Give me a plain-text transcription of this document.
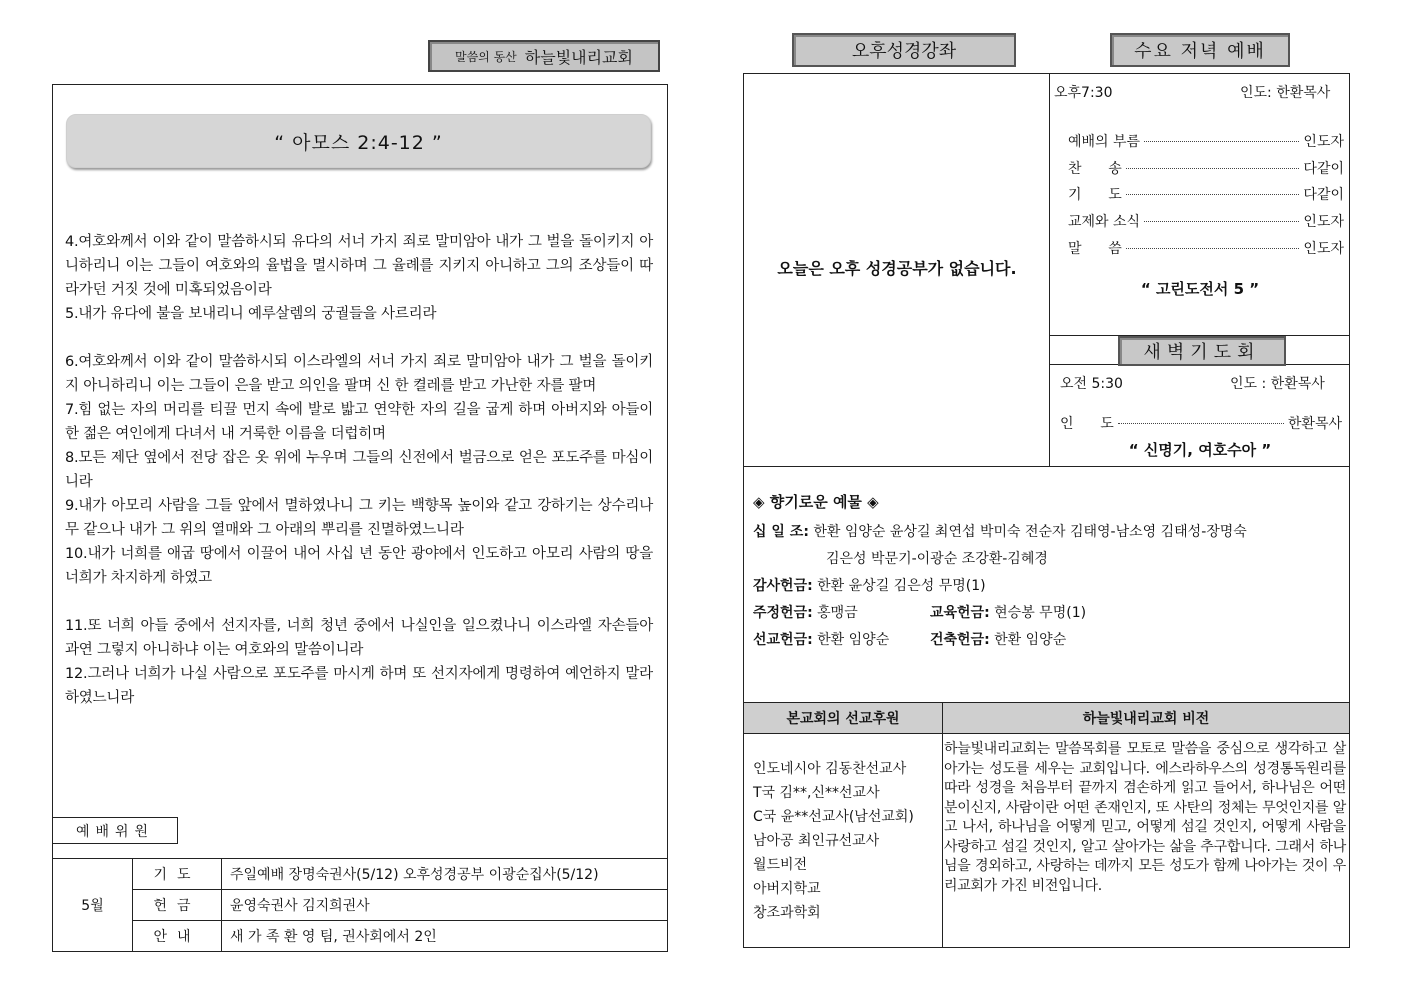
말씀의 동산 하늘빛내리교회
“ 아모스 2:4-12 ”

4.여호와께서 이와 같이 말씀하시되 유다의 서너 가지 죄로 말미암아 내가 그 벌을 돌이키지 아니하리니 이는 그들이 여호와의 율법을 멸시하며 그 율례를 지키지 아니하고 그의 조상들이 따라가던 거짓 것에 미혹되었음이라

5.내가 유다에 불을 보내리니 예루살렘의 궁궐들을 사르리라

6.여호와께서 이와 같이 말씀하시되 이스라엘의 서너 가지 죄로 말미암아 내가 그 벌을 돌이키지 아니하리니 이는 그들이 은을 받고 의인을 팔며 신 한 켤레를 받고 가난한 자를 팔며

7.힘 없는 자의 머리를 티끌 먼지 속에 발로 밟고 연약한 자의 길을 굽게 하며 아버지와 아들이 한 젊은 여인에게 다녀서 내 거룩한 이름을 더럽히며

8.모든 제단 옆에서 전당 잡은 옷 위에 누우며 그들의 신전에서 벌금으로 얻은 포도주를 마심이니라

9.내가 아모리 사람을 그들 앞에서 멸하였나니 그 키는 백향목 높이와 같고 강하기는 상수리나무 같으나 내가 그 위의 열매와 그 아래의 뿌리를 진멸하였느니라

10.내가 너희를 애굽 땅에서 이끌어 내어 사십 년 동안 광야에서 인도하고 아모리 사람의 땅을 너희가 차지하게 하였고

11.또 너희 아들 중에서 선지자를, 너희 청년 중에서 나실인을 일으켰나니 이스라엘 자손들아 과연 그렇지 아니하냐 이는 여호와의 말씀이니라

12.그러나 너희가 나실 사람으로 포도주를 마시게 하며 또 선지자에게 명령하여 예언하지 말라 하였느니라

예배위원
5월	기도	주일예배 장명숙권사(5/12) 오후성경공부 이광순집사(5/12)
	헌금	윤영숙권사 김지희권사
	안내	새 가 족 환 영 팀, 권사회에서 2인
오후성경강좌	수요 저녁 예배
오늘은 오후 성경공부가 없습니다.
오후7:30	인도: 한환목사
예배의 부름	인도자
찬      송	다같이
기      도	다같이
교제와 소식	인도자
말      씀	인도자
“ 고린도전서 5 ”
새벽기도회
오전 5:30	인도 : 한환목사
인      도	한환목사
“ 신명기, 여호수아 ”
◈ 향기로운 예물 ◈
십 일 조: 한환 임양순 윤상길 최연섭 박미숙 전순자 김태영-남소영 김태성-장명숙
김은성 박문기-이광순 조강환-김혜경
감사헌금: 한환 윤상길 김은성 무명(1)
주정헌금: 홍맹금	교육헌금: 현승봉 무명(1)
선교헌금: 한환 임양순	건축헌금: 한환 임양순
본교회의 선교후원	하늘빛내리교회 비전
인도네시아 김동찬선교사
T국 김**,신**선교사
C국 윤**선교사(남선교회)
남아공 최인규선교사
월드비전
아버지학교
창조과학회
하늘빛내리교회는 말씀목회를 모토로 말씀을 중심으로 생각하고 살아가는 성도를 세우는 교회입니다. 에스라하우스의 성경통독원리를 따라 성경을 처음부터 끝까지 겸손하게 읽고 들어서, 하나님은 어떤 분이신지, 사람이란 어떤 존재인지, 또 사탄의 정체는 무엇인지를 알고 나서, 하나님을 어떻게 믿고, 어떻게 섬길 것인지, 어떻게 사람을 사랑하고 섬길 것인지, 알고 살아가는 삶을 추구합니다. 그래서 하나님을 경외하고, 사랑하는 데까지 모든 성도가 함께 나아가는 것이 우리교회가 가진 비전입니다.
